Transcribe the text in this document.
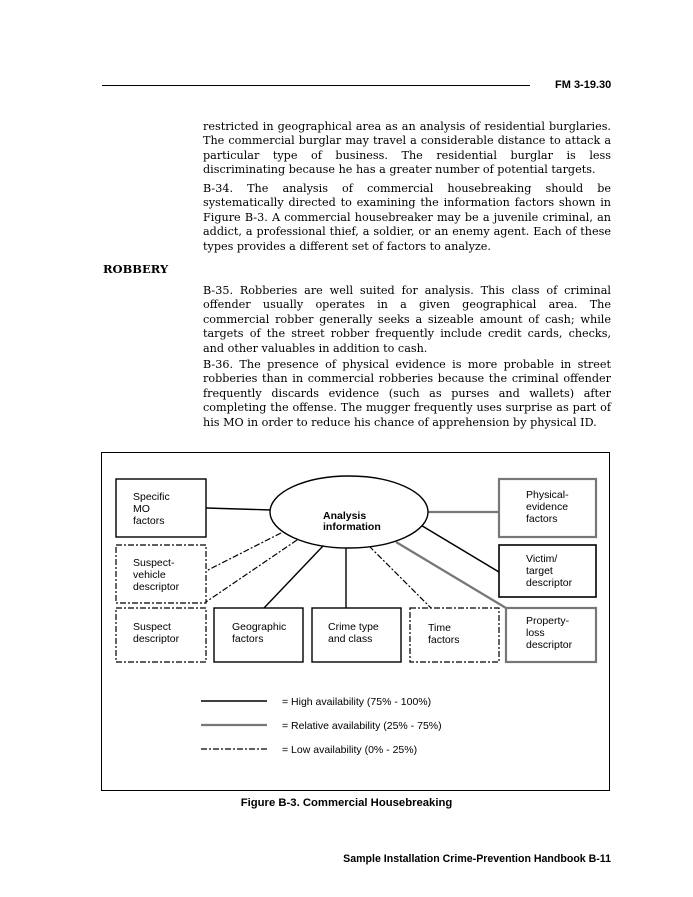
FM 3-19.30

restricted in geographical area as an analysis of residential burglaries. The commercial burglar may travel a considerable distance to attack a particular type of business. The residential burglar is less discriminating because he has a greater number of potential targets.

B-34. The analysis of commercial housebreaking should be systematically directed to examining the information factors shown in Figure B-3. A commercial housebreaker may be a juvenile criminal, an addict, a professional thief, a soldier, or an enemy agent. Each of these types provides a different set of factors to analyze.

ROBBERY

B-35. Robberies are well suited for analysis. This class of criminal offender usually operates in a given geographical area. The commercial robber generally seeks a sizeable amount of cash; while targets of the street robber frequently include credit cards, checks, and other valuables in addition to cash.

B-36. The presence of physical evidence is more probable in street robberies than in commercial robberies because the criminal offender frequently discards evidence (such as purses and wallets) after completing the offense. The mugger frequently uses surprise as part of his MO in order to reduce his chance of apprehension by physical ID.

Analysis
information
Specific
MO
factors
Suspect-
vehicle
descriptor
Suspect
descriptor
Geographic
factors
Crime type
and class
Time
factors
Physical-
evidence
factors
Victim/
target
descriptor
Property-
loss
descriptor
= High availability (75% - 100%)
= Relative availability (25% - 75%)
= Low availability (0% - 25%)
Figure B-3. Commercial Housebreaking
Sample Installation Crime-Prevention Handbook B-11
